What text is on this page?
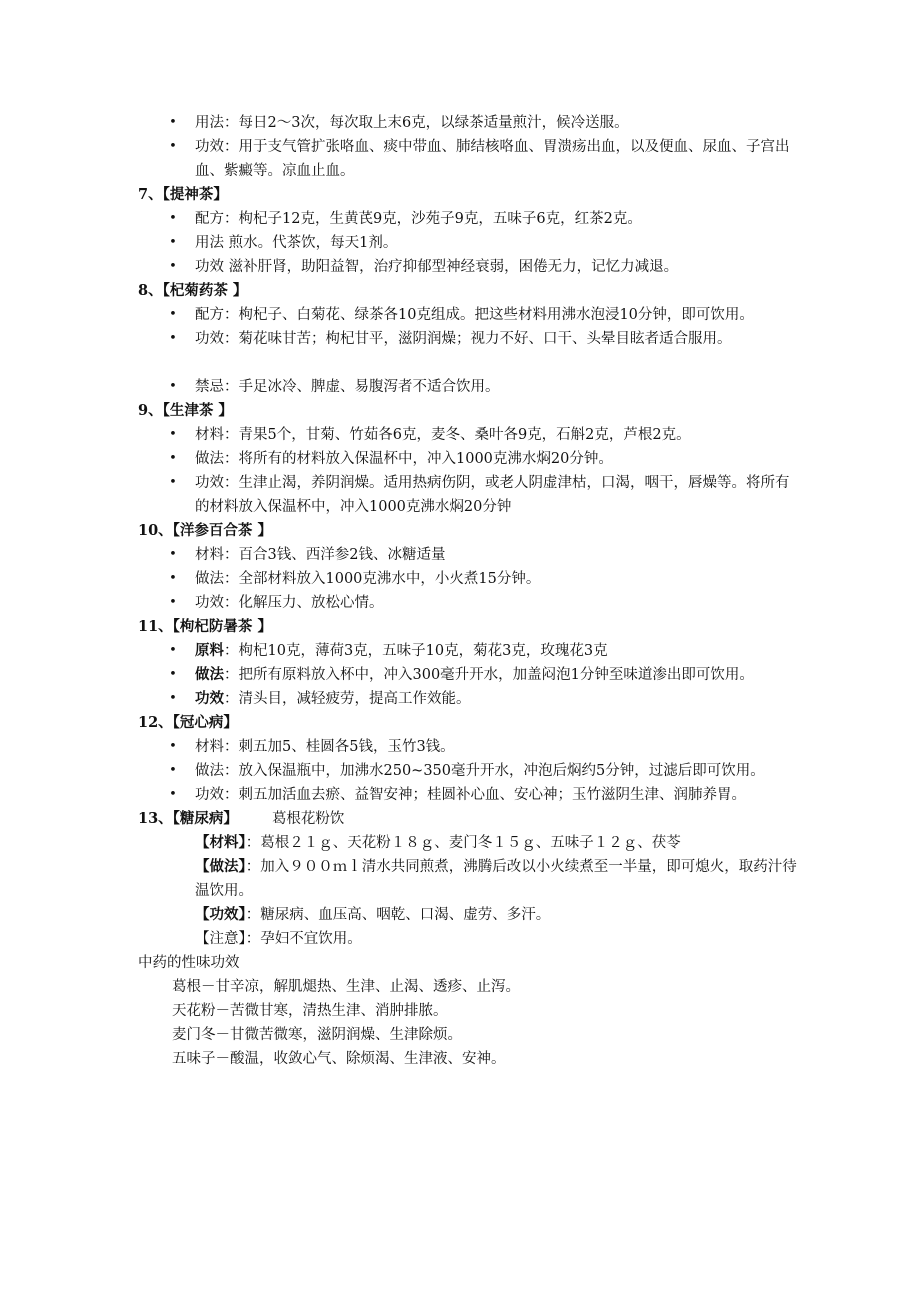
• 用法：每日2～3次，每次取上末6克，以绿茶适量煎汁，候冷送服。
• 功效：用于支气管扩张咯血、痰中带血、肺结核咯血、胃溃疡出血，以及便血、尿血、子宫出血、紫癜等。凉血止血。
7、【提神茶】
• 配方：枸杞子12克，生黄芪9克，沙苑子9克，五味子6克，红茶2克。
• 用法 煎水。代茶饮，每天1剂。
• 功效 滋补肝肾，助阳益智，治疗抑郁型神经衰弱，困倦无力，记忆力减退。
8、【杞菊药茶 】
• 配方：枸杞子、白菊花、绿茶各10克组成。把这些材料用沸水泡浸10分钟，即可饮用。
• 功效：菊花味甘苦；枸杞甘平，滋阴润燥；视力不好、口干、头晕目眩者适合服用。
• 禁忌：手足冰冷、脾虚、易腹泻者不适合饮用。
9、【生津茶 】
• 材料：青果5个，甘菊、竹茹各6克，麦冬、桑叶各9克，石斛2克，芦根2克。
• 做法：将所有的材料放入保温杯中，冲入1000克沸水焖20分钟。
• 功效：生津止渴，养阴润燥。适用热病伤阴，或老人阴虚津枯，口渴，咽干，唇燥等。将所有的材料放入保温杯中，冲入1000克沸水焖20分钟
10、【洋参百合茶 】
• 材料：百合3钱、西洋参2钱、冰糖适量
• 做法：全部材料放入1000克沸水中，小火煮15分钟。
• 功效：化解压力、放松心情。
11、【枸杞防暑茶 】
• 原料：枸杞10克，薄荷3克，五味子10克，菊花3克，玫瑰花3克
• 做法：把所有原料放入杯中，冲入300毫升开水，加盖闷泡1分钟至味道渗出即可饮用。
• 功效：清头目，减轻疲劳，提高工作效能。
12、【冠心病】
• 材料：刺五加5、桂圆各5钱，玉竹3钱。
• 做法：放入保温瓶中，加沸水250~350毫升开水，冲泡后焖约5分钟，过滤后即可饮用。
• 功效：刺五加活血去瘀、益智安神；桂圆补心血、安心神；玉竹滋阴生津、润肺养胃。
13、【糖尿病】 葛根花粉饮
【材料】：葛根２１ｇ、天花粉１８ｇ、麦门冬１５ｇ、五味子１２ｇ、茯苓
【做法】：加入９００ｍｌ清水共同煎煮，沸腾后改以小火续煮至一半量，即可熄火，取药汁待温饮用。
【功效】：糖尿病、血压高、咽乾、口渴、虚劳、多汗。
【注意】：孕妇不宜饮用。
中药的性味功效
葛根－甘辛凉，解肌煺热、生津、止渴、透疹、止泻。
天花粉－苦微甘寒，清热生津、消肿排脓。
麦门冬－甘微苦微寒，滋阴润燥、生津除烦。
五味子－酸温，收敛心气、除烦渴、生津液、安神。
